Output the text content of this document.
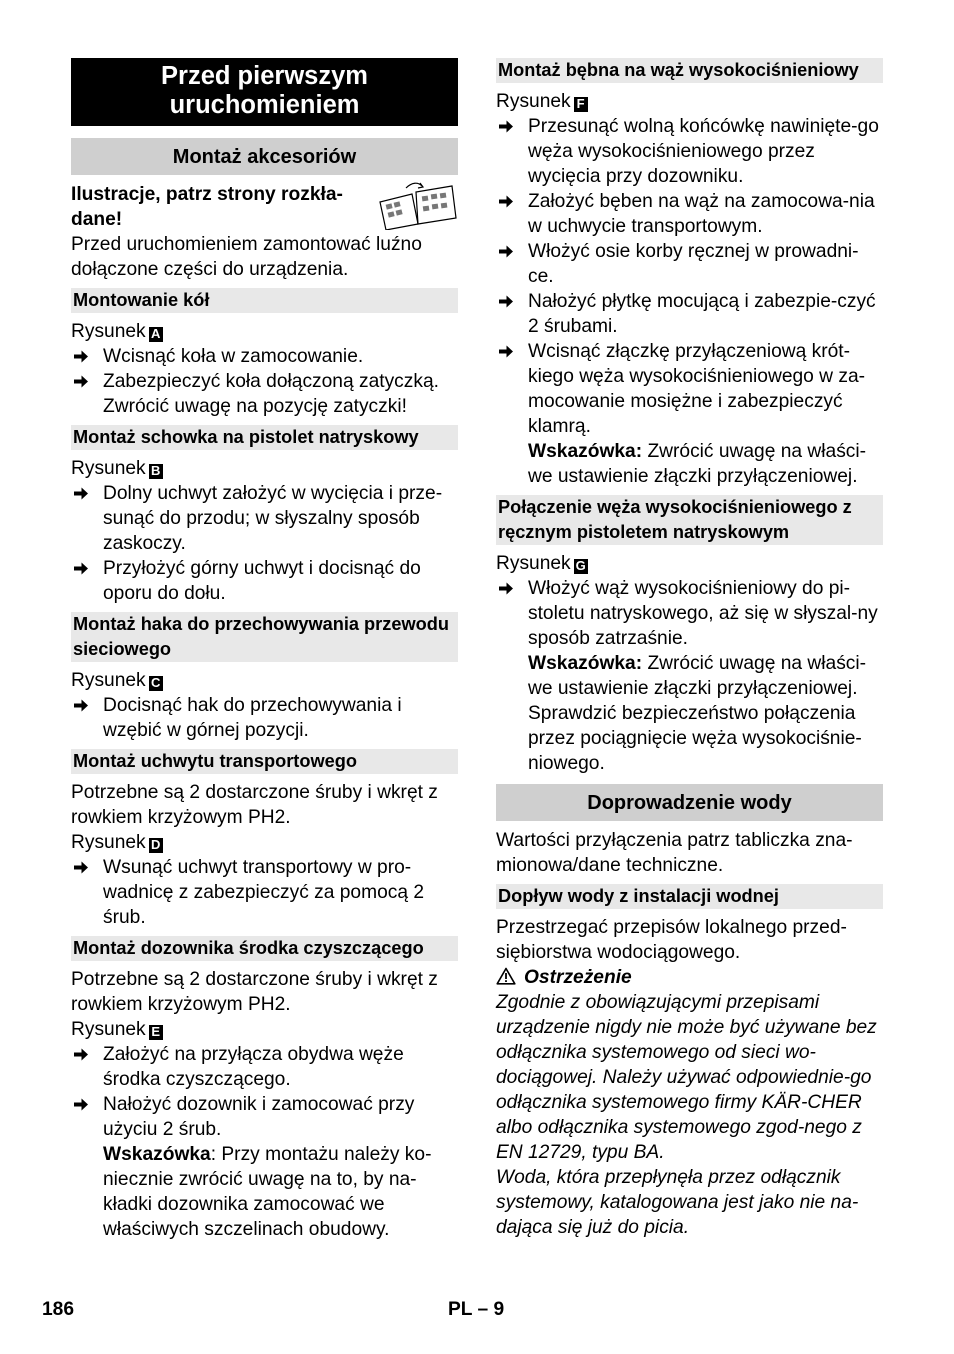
Przed pierwszym uruchomieniem
Montaż akcesoriów

Ilustracje, patrz strony rozkła-dane!

Przed uruchomieniem zamontować luźno dołączone części do urządzenia.

Montowanie kół

Rysunek A

Wcisnąć koła w zamocowanie.
Zabezpieczyć koła dołączoną zatyczką. Zwrócić uwagę na pozycję zatyczki!
Montaż schowka na pistolet natryskowy

Rysunek B

Dolny uchwyt założyć w wycięcia i prze-sunąć do przodu; w słyszalny sposób zaskoczy.
Przyłożyć górny uchwyt i docisnąć do oporu do dołu.
Montaż haka do przechowywania przewodu sieciowego

Rysunek C

Docisnąć hak do przechowywania i wzębić w górnej pozycji.
Montaż uchwytu transportowego

Potrzebne są 2 dostarczone śruby i wkręt z rowkiem krzyżowym PH2.

Rysunek D

Wsunąć uchwyt transportowy w pro-wadnicę z zabezpieczyć za pomocą 2 śrub.
Montaż dozownika środka czyszczącego

Potrzebne są 2 dostarczone śruby i wkręt z rowkiem krzyżowym PH2.

Rysunek E

Założyć na przyłącza obydwa węże środka czyszczącego.
Nałożyć dozownik i zamocować przy użyciu 2 śrub.

Wskazówka: Przy montażu należy ko-niecznie zwrócić uwagę na to, by na-kładki dozownika zamocować we właściwych szczelinach obudowy.

Montaż bębna na wąż wysokociśnieniowy

Rysunek F

Przesunąć wolną końcówkę nawinięte-go węża wysokociśnieniowego przez wycięcia przy dozowniku.
Założyć bęben na wąż na zamocowa-nia w uchwycie transportowym.
Włożyć osie korby ręcznej w prowadni-ce.
Nałożyć płytkę mocującą i zabezpie-czyć 2 śrubami.
Wcisnąć złączkę przyłączeniową krót-kiego węża wysokociśnieniowego w za-mocowanie mosiężne i zabezpieczyć klamrą.

Wskazówka: Zwrócić uwagę na właści-we ustawienie złączki przyłączeniowej.

Połączenie węża wysokociśnieniowego z ręcznym pistoletem natryskowym

Rysunek G

Włożyć wąż wysokociśnieniowy do pi-stoletu natryskowego, aż się w słyszal-ny sposób zatrzaśnie.

Wskazówka: Zwrócić uwagę na właści-we ustawienie złączki przyłączeniowej.

Sprawdzić bezpieczeństwo połączenia przez pociągnięcie węża wysokociśnie-niowego.

Doprowadzenie wody

Wartości przyłączenia patrz tabliczka zna-mionowa/dane techniczne.

Dopływ wody z instalacji wodnej

Przestrzegać przepisów lokalnego przed-siębiorstwa wodociągowego.

Ostrzeżenie

Zgodnie z obowiązującymi przepisami urządzenie nigdy nie może być używane bez odłącznika systemowego od sieci wo-dociągowej. Należy używać odpowiednie-go odłącznika systemowego firmy KÄR-CHER albo odłącznika systemowego zgod-nego z EN 12729, typu BA.

Woda, która przepłynęła przez odłącznik systemowy, katalogowana jest jako nie na-dająca się już do picia.

186	PL – 9
